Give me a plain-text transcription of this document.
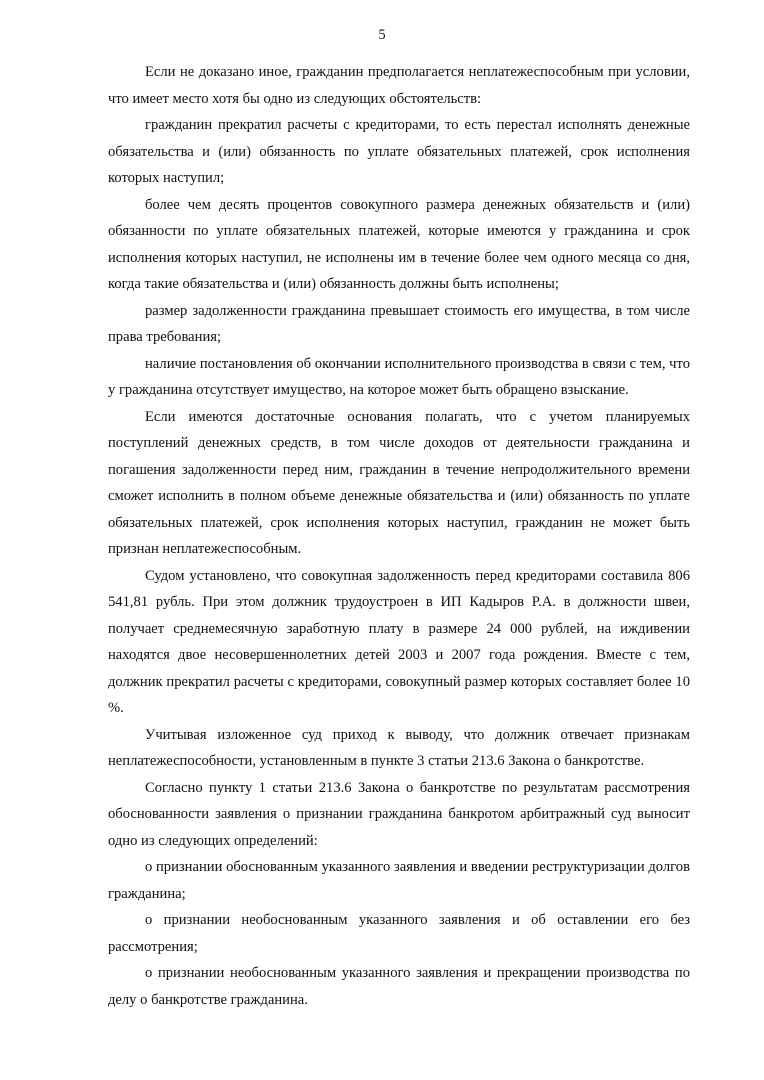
5

Если не доказано иное, гражданин предполагается неплатежеспособным при условии, что имеет место хотя бы одно из следующих обстоятельств:

гражданин прекратил расчеты с кредиторами, то есть перестал исполнять денежные обязательства и (или) обязанность по уплате обязательных платежей, срок исполнения которых наступил;

более чем десять процентов совокупного размера денежных обязательств и (или) обязанности по уплате обязательных платежей, которые имеются у гражданина и срок исполнения которых наступил, не исполнены им в течение более чем одного месяца со дня, когда такие обязательства и (или) обязанность должны быть исполнены;

размер задолженности гражданина превышает стоимость его имущества, в том числе права требования;

наличие постановления об окончании исполнительного производства в связи с тем, что у гражданина отсутствует имущество, на которое может быть обращено взыскание.

Если имеются достаточные основания полагать, что с учетом планируемых поступлений денежных средств, в том числе доходов от деятельности гражданина и погашения задолженности перед ним, гражданин в течение непродолжительного времени сможет исполнить в полном объеме денежные обязательства и (или) обязанность по уплате обязательных платежей, срок исполнения которых наступил, гражданин не может быть признан неплатежеспособным.

Судом установлено, что совокупная задолженность перед кредиторами составила 806 541,81 рубль. При этом должник трудоустроен в ИП Кадыров Р.А. в должности швеи, получает среднемесячную заработную плату в размере 24 000 рублей, на иждивении находятся двое несовершеннолетних детей 2003 и 2007 года рождения. Вместе с тем, должник прекратил расчеты с кредиторами, совокупный размер которых составляет более 10 %.

Учитывая изложенное суд приход к выводу, что должник отвечает признакам неплатежеспособности, установленным в пункте 3 статьи 213.6 Закона о банкротстве.

Согласно пункту 1 статьи 213.6 Закона о банкротстве по результатам рассмотрения обоснованности заявления о признании гражданина банкротом арбитражный суд выносит одно из следующих определений:

о признании обоснованным указанного заявления и введении реструктуризации долгов гражданина;

о признании необоснованным указанного заявления и об оставлении его без рассмотрения;

о признании необоснованным указанного заявления и прекращении производства по делу о банкротстве гражданина.
